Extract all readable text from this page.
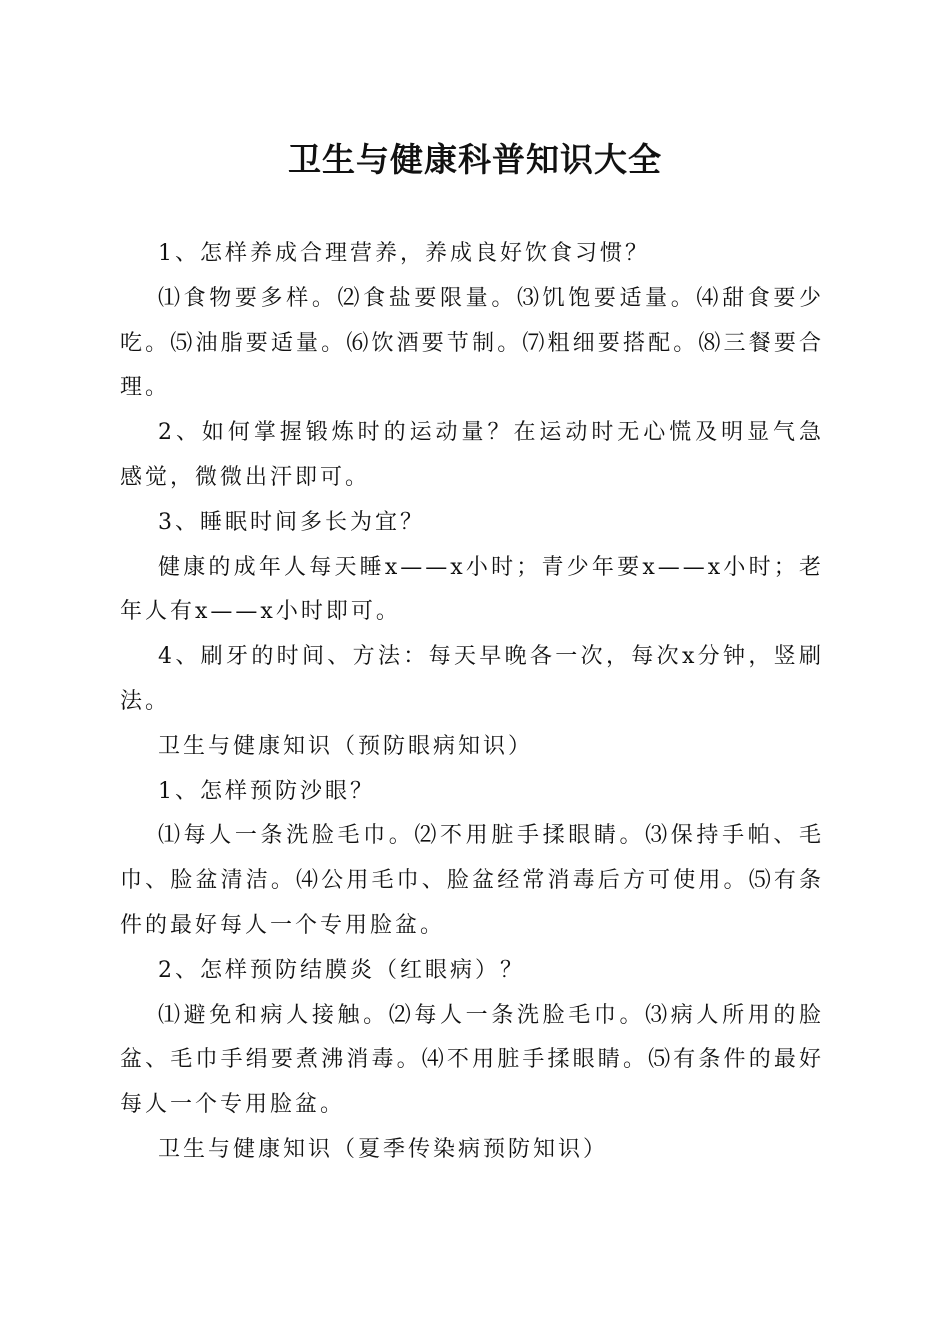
卫生与健康科普知识大全

1、怎样养成合理营养，养成良好饮食习惯？

⑴食物要多样。⑵食盐要限量。⑶饥饱要适量。⑷甜食要少吃。⑸油脂要适量。⑹饮酒要节制。⑺粗细要搭配。⑻三餐要合理。

2、如何掌握锻炼时的运动量？在运动时无心慌及明显气急感觉，微微出汗即可。

3、睡眠时间多长为宜？

健康的成年人每天睡x——x小时；青少年要x——x小时；老年人有x——x小时即可。

4、刷牙的时间、方法：每天早晚各一次，每次x分钟，竖刷法。

卫生与健康知识（预防眼病知识）

1、怎样预防沙眼？

⑴每人一条洗脸毛巾。⑵不用脏手揉眼睛。⑶保持手帕、毛巾、脸盆清洁。⑷公用毛巾、脸盆经常消毒后方可使用。⑸有条件的最好每人一个专用脸盆。

2、怎样预防结膜炎（红眼病）？

⑴避免和病人接触。⑵每人一条洗脸毛巾。⑶病人所用的脸盆、毛巾手绢要煮沸消毒。⑷不用脏手揉眼睛。⑸有条件的最好每人一个专用脸盆。

卫生与健康知识（夏季传染病预防知识）
